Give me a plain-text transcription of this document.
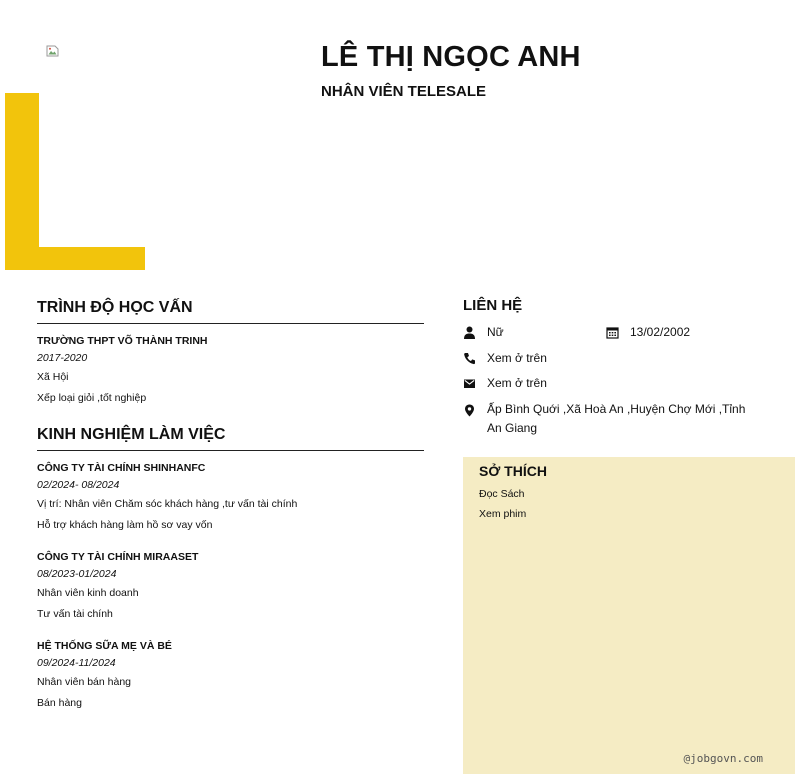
LÊ THỊ NGỌC ANH
NHÂN VIÊN TELESALE
TRÌNH ĐỘ HỌC VẤN
TRƯỜNG THPT VÕ THÀNH TRINH
2017-2020
Xã Hội
Xếp loại giỏi ,tốt nghiệp
KINH NGHIỆM LÀM VIỆC
CÔNG TY TÀI CHÍNH SHINHANFC
02/2024- 08/2024
Vị trí: Nhân viên Chăm sóc khách hàng ,tư vấn tài chính
Hỗ trợ khách hàng làm hồ sơ vay vốn
CÔNG TY TÀI CHÍNH MIRAASET
08/2023-01/2024
Nhân viên kinh doanh
Tư vấn tài chính
HỆ THỐNG SỮA MẸ VÀ BÉ
09/2024-11/2024
Nhân viên bán hàng
Bán hàng
LIÊN HỆ
Nữ	13/02/2002
Xem ở trên
Xem ở trên
Ấp Bình Quới ,Xã Hoà An ,Huyện Chợ Mới ,Tỉnh
An Giang
SỞ THÍCH
Đọc Sách
Xem phim
@jobgovn.com
